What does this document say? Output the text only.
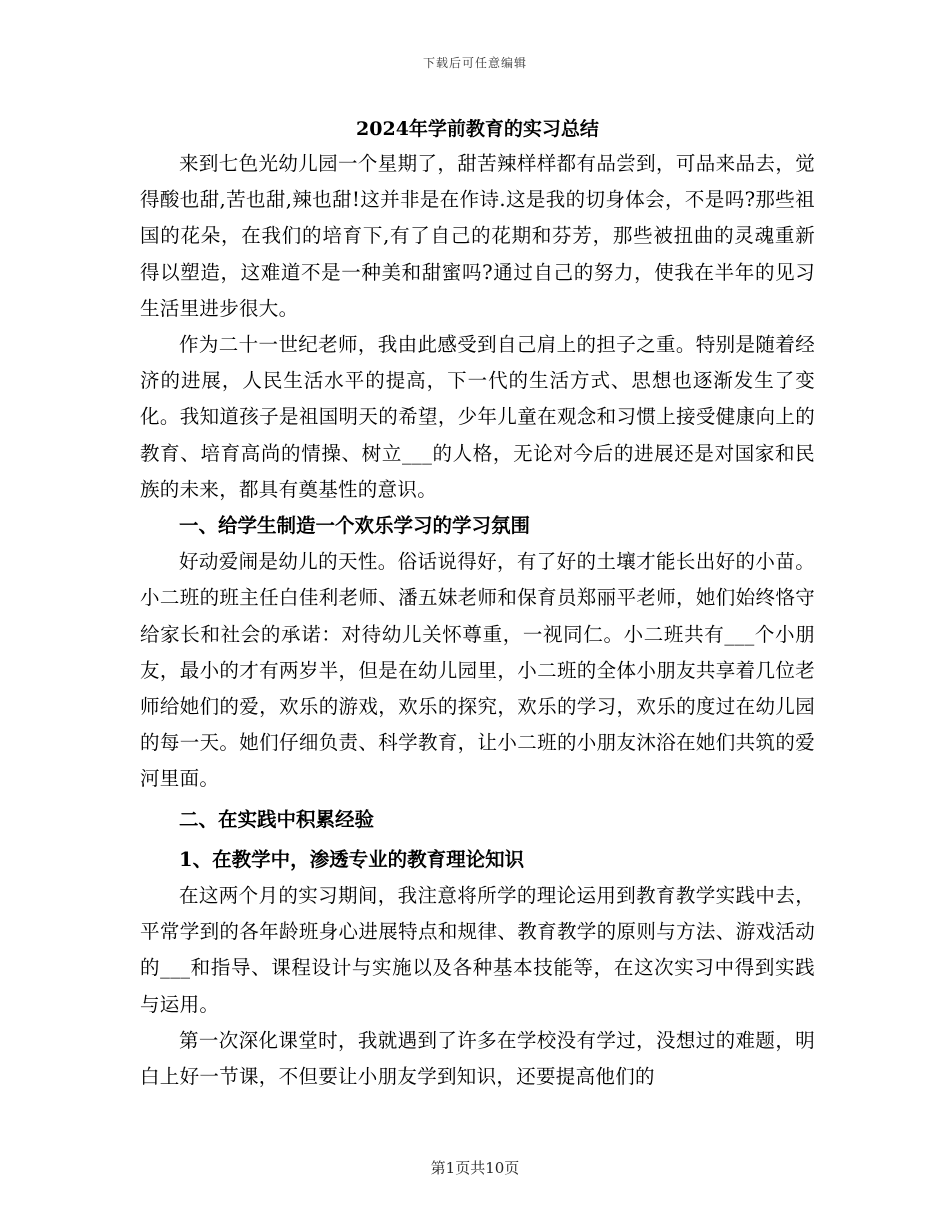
下载后可任意编辑
2024年学前教育的实习总结

来到七色光幼儿园一个星期了，甜苦辣样样都有品尝到，可品来品去，觉得酸也甜,苦也甜,辣也甜!这并非是在作诗.这是我的切身体会，不是吗?那些祖国的花朵，在我们的培育下,有了自己的花期和芬芳，那些被扭曲的灵魂重新得以塑造，这难道不是一种美和甜蜜吗?通过自己的努力，使我在半年的见习生活里进步很大。

作为二十一世纪老师，我由此感受到自己肩上的担子之重。特别是随着经济的进展，人民生活水平的提高，下一代的生活方式、思想也逐渐发生了变化。我知道孩子是祖国明天的希望，少年儿童在观念和习惯上接受健康向上的教育、培育高尚的情操、树立___的人格，无论对今后的进展还是对国家和民族的未来，都具有奠基性的意识。

一、给学生制造一个欢乐学习的学习氛围

好动爱闹是幼儿的天性。俗话说得好，有了好的土壤才能长出好的小苗。小二班的班主任白佳利老师、潘五妹老师和保育员郑丽平老师，她们始终恪守给家长和社会的承诺：对待幼儿关怀尊重，一视同仁。小二班共有___个小朋友，最小的才有两岁半，但是在幼儿园里，小二班的全体小朋友共享着几位老师给她们的爱，欢乐的游戏，欢乐的探究，欢乐的学习，欢乐的度过在幼儿园的每一天。她们仔细负责、科学教育，让小二班的小朋友沐浴在她们共筑的爱河里面。

二、在实践中积累经验

1、在教学中，渗透专业的教育理论知识

在这两个月的实习期间，我注意将所学的理论运用到教育教学实践中去，平常学到的各年龄班身心进展特点和规律、教育教学的原则与方法、游戏活动的___和指导、课程设计与实施以及各种基本技能等，在这次实习中得到实践与运用。

第一次深化课堂时，我就遇到了许多在学校没有学过，没想过的难题，明白上好一节课，不但要让小朋友学到知识，还要提高他们的

第1页共10页
